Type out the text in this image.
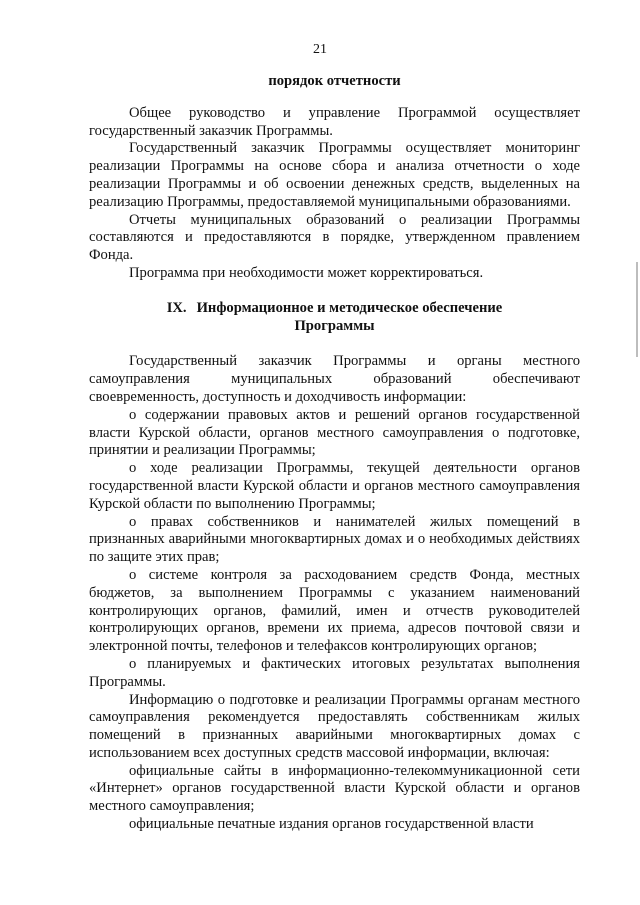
21

порядок отчетности

Общее руководство и управление Программой осуществляет государственный заказчик Программы.

Государственный заказчик Программы осуществляет мониторинг реализации Программы на основе сбора и анализа отчетности о ходе реализации Программы и об освоении денежных средств, выделенных на реализацию Программы, предоставляемой муниципальными образованиями.

Отчеты муниципальных образований о реализации Программы составляются и предоставляются в порядке, утвержденном правлением Фонда.

Программа при необходимости может корректироваться.

IX. Информационное и методическое обеспечение
Программы

Государственный заказчик Программы и органы местного самоуправления муниципальных образований обеспечивают своевременность, доступность и доходчивость информации:

о содержании правовых актов и решений органов государственной власти Курской области, органов местного самоуправления о подготовке, принятии и реализации Программы;

о ходе реализации Программы, текущей деятельности органов государственной власти Курской области и органов местного самоуправления Курской области по выполнению Программы;

о правах собственников и нанимателей жилых помещений в признанных аварийными многоквартирных домах и о необходимых действиях по защите этих прав;

о системе контроля за расходованием средств Фонда, местных бюджетов, за выполнением Программы с указанием наименований контролирующих органов, фамилий, имен и отчеств руководителей контролирующих органов, времени их приема, адресов почтовой связи и электронной почты, телефонов и телефаксов контролирующих органов;

о планируемых и фактических итоговых результатах выполнения Программы.

Информацию о подготовке и реализации Программы органам местного самоуправления рекомендуется предоставлять собственникам жилых помещений в признанных аварийными многоквартирных домах с использованием всех доступных средств массовой информации, включая:

официальные сайты в информационно-телекоммуникационной сети «Интернет» органов государственной власти Курской области и органов местного самоуправления;

официальные печатные издания органов государственной власти
